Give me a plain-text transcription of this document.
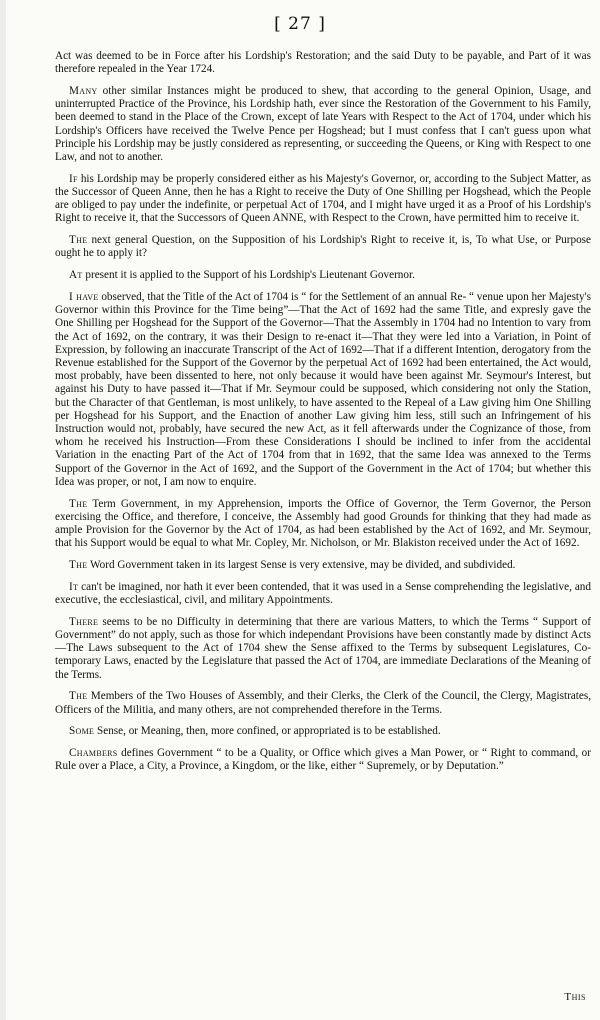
[ 27 ]

Act was deemed to be in Force after his Lordship's Restoration; and the said Duty to be payable, and Part of it was therefore repealed in the Year 1724.

Many other similar Instances might be produced to shew, that according to the general Opinion, Usage, and uninterrupted Practice of the Province, his Lordship hath, ever since the Restoration of the Government to his Family, been deemed to stand in the Place of the Crown, except of late Years with Respect to the Act of 1704, under which his Lordship's Officers have received the Twelve Pence per Hogshead; but I must confess that I can't guess upon what Principle his Lordship may be justly considered as representing, or succeeding the Queens, or King with Respect to one Law, and not to another.

If his Lordship may be properly considered either as his Majesty's Governor, or, according to the Subject Matter, as the Successor of Queen Anne, then he has a Right to receive the Duty of One Shilling per Hogshead, which the People are obliged to pay under the indefinite, or perpetual Act of 1704, and I might have urged it as a Proof of his Lordship's Right to receive it, that the Successors of Queen ANNE, with Respect to the Crown, have permitted him to receive it.

The next general Question, on the Supposition of his Lordship's Right to receive it, is, To what Use, or Purpose ought he to apply it?

At present it is applied to the Support of his Lordship's Lieutenant Governor.

I have observed, that the Title of the Act of 1704 is “ for the Settlement of an annual Re- “ venue upon her Majesty's Governor within this Province for the Time being”—That the Act of 1692 had the same Title, and expresly gave the One Shilling per Hogshead for the Support of the Governor—That the Assembly in 1704 had no Intention to vary from the Act of 1692, on the contrary, it was their Design to re-enact it—That they were led into a Variation, in Point of Expression, by following an inaccurate Transcript of the Act of 1692—That if a different Intention, derogatory from the Revenue established for the Support of the Governor by the perpetual Act of 1692 had been entertained, the Act would, most probably, have been dissented to here, not only because it would have been against Mr. Seymour's Interest, but against his Duty to have passed it—That if Mr. Seymour could be supposed, which considering not only the Station, but the Character of that Gentleman, is most unlikely, to have assented to the Repeal of a Law giving him One Shilling per Hogshead for his Support, and the Enaction of another Law giving him less, still such an Infringement of his Instruction would not, probably, have secured the new Act, as it fell afterwards under the Cognizance of those, from whom he received his Instruction—From these Considerations I should be inclined to infer from the accidental Variation in the enacting Part of the Act of 1704 from that in 1692, that the same Idea was annexed to the Terms Support of the Governor in the Act of 1692, and the Support of the Government in the Act of 1704; but whether this Idea was proper, or not, I am now to enquire.

The Term Government, in my Apprehension, imports the Office of Governor, the Term Governor, the Person exercising the Office, and therefore, I conceive, the Assembly had good Grounds for thinking that they had made as ample Provision for the Governor by the Act of 1704, as had been established by the Act of 1692, and Mr. Seymour, that his Support would be equal to what Mr. Copley, Mr. Nicholson, or Mr. Blakiston received under the Act of 1692.

The Word Government taken in its largest Sense is very extensive, may be divided, and subdivided.

It can't be imagined, nor hath it ever been contended, that it was used in a Sense comprehending the legislative, and executive, the ecclesiastical, civil, and military Appointments.

There seems to be no Difficulty in determining that there are various Matters, to which the Terms “ Support of Government” do not apply, such as those for which independant Provisions have been constantly made by distinct Acts—The Laws subsequent to the Act of 1704 shew the Sense affixed to the Terms by subsequent Legislatures, Co-temporary Laws, enacted by the Legislature that passed the Act of 1704, are immediate Declarations of the Meaning of the Terms.

The Members of the Two Houses of Assembly, and their Clerks, the Clerk of the Council, the Clergy, Magistrates, Officers of the Militia, and many others, are not comprehended therefore in the Terms.

Some Sense, or Meaning, then, more confined, or appropriated is to be established.

Chambers defines Government “ to be a Quality, or Office which gives a Man Power, or “ Right to command, or Rule over a Place, a City, a Province, a Kingdom, or the like, either “ Supremely, or by Deputation.”

This
